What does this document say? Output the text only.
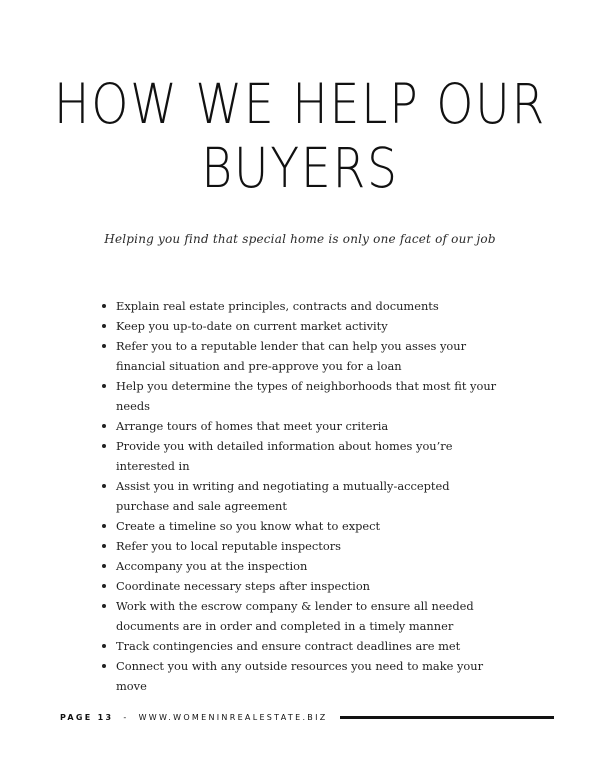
HOW WE HELP OUR
BUYERS

Helping you find that special home is only one facet of our job

Explain real estate principles, contracts and documents
Keep you up-to-date on current market activity
Refer you to a reputable lender that can help you asses your financial situation and pre-approve you for a loan
Help you determine the types of neighborhoods that most fit your needs
Arrange tours of homes that meet your criteria
Provide you with detailed information about homes you’re interested in
Assist you in writing and negotiating a mutually-accepted purchase and sale agreement
Create a timeline so you know what to expect
Refer you to local reputable inspectors
Accompany you at the inspection
Coordinate necessary steps after inspection
Work with the escrow company & lender to ensure all needed documents are in order and completed in a timely manner
Track contingencies and ensure contract deadlines are met
Connect you with any outside resources you need to make your move
PAGE 13 - WWW.WOMENINREALESTATE.BIZ
